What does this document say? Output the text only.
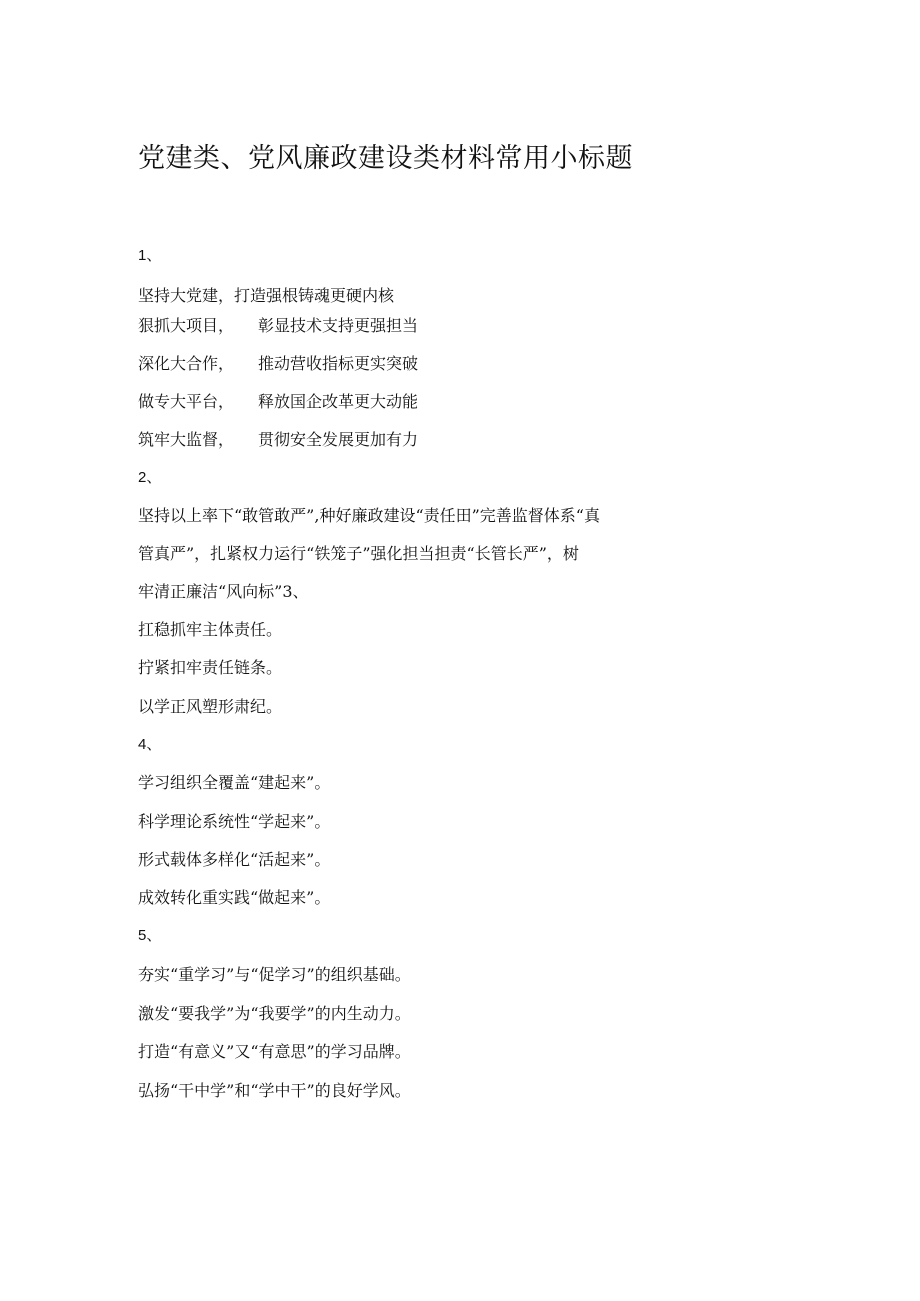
党建类、党风廉政建设类材料常用小标题
1、
坚持大党建，打造强根铸魂更硬内核
狠抓大项目， 彰显技术支持更强担当
深化大合作， 推动营收指标更实突破
做专大平台， 释放国企改革更大动能
筑牢大监督， 贯彻安全发展更加有力
2、
坚持以上率下“敢管敢严”,种好廉政建设“责任田”完善监督体系“真
管真严”，扎紧权力运行“铁笼子”强化担当担责“长管长严”，树
牢清正廉洁“风向标”3、
扛稳抓牢主体责任。
拧紧扣牢责任链条。
以学正风塑形肃纪。
4、
学习组织全覆盖“建起来”。
科学理论系统性“学起来”。
形式载体多样化“活起来”。
成效转化重实践“做起来”。
5、
夯实“重学习”与“促学习”的组织基础。
激发“要我学”为“我要学”的内生动力。
打造“有意义”又“有意思”的学习品牌。
弘扬“干中学”和“学中干”的良好学风。
